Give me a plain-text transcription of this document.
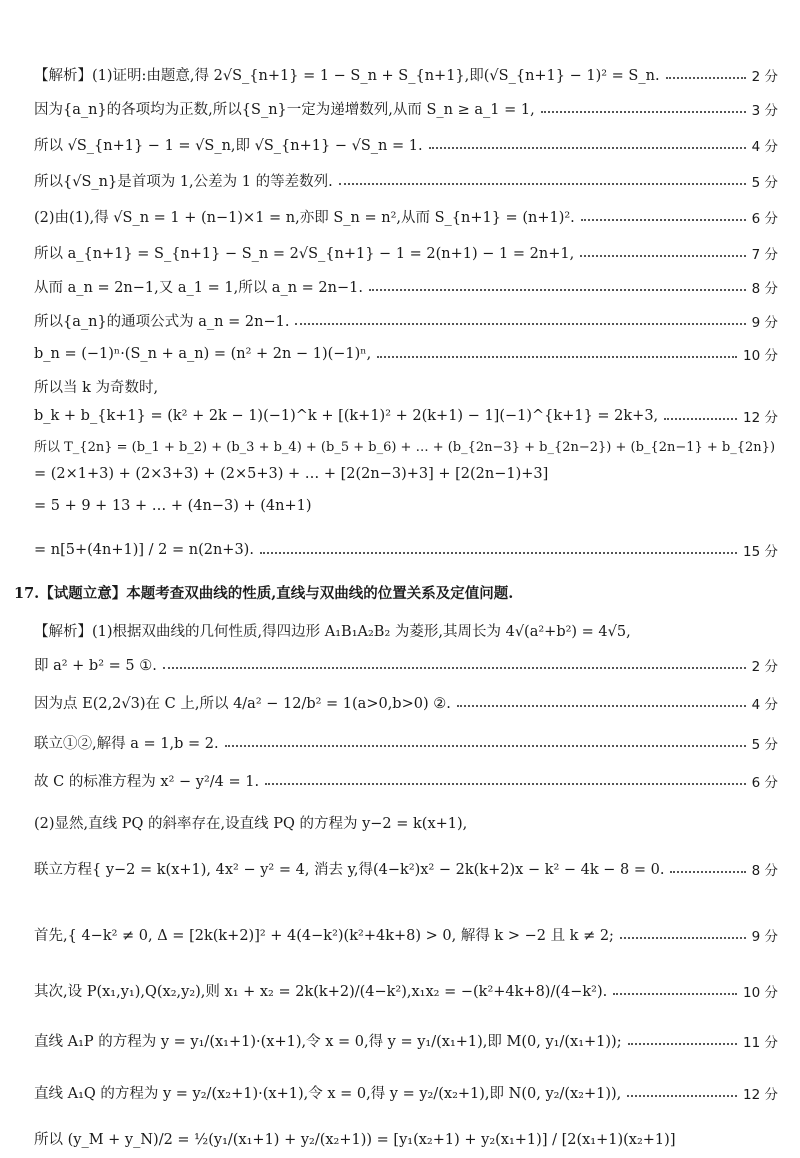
【解析】(1)证明:由题意,得 2√S_{n+1} = 1 − S_n + S_{n+1},即(√S_{n+1} − 1)² = S_n.	2 分
因为{a_n}的各项均为正数,所以{S_n}一定为递增数列,从而 S_n ≥ a_1 = 1,	3 分
所以 √S_{n+1} − 1 = √S_n,即 √S_{n+1} − √S_n = 1.	4 分
所以{√S_n}是首项为 1,公差为 1 的等差数列.	5 分
(2)由(1),得 √S_n = 1 + (n−1)×1 = n,亦即 S_n = n²,从而 S_{n+1} = (n+1)².	6 分
所以 a_{n+1} = S_{n+1} − S_n = 2√S_{n+1} − 1 = 2(n+1) − 1 = 2n+1,	7 分
从而 a_n = 2n−1,又 a_1 = 1,所以 a_n = 2n−1.	8 分
所以{a_n}的通项公式为 a_n = 2n−1.	9 分
b_n = (−1)ⁿ·(S_n + a_n) = (n² + 2n − 1)(−1)ⁿ,	10 分
所以当 k 为奇数时,
b_k + b_{k+1} = (k² + 2k − 1)(−1)^k + [(k+1)² + 2(k+1) − 1](−1)^{k+1} = 2k+3,	12 分
所以 T_{2n} = (b_1 + b_2) + (b_3 + b_4) + (b_5 + b_6) + … + (b_{2n−3} + b_{2n−2}) + (b_{2n−1} + b_{2n})
= (2×1+3) + (2×3+3) + (2×5+3) + … + [2(2n−3)+3] + [2(2n−1)+3]
= 5 + 9 + 13 + … + (4n−3) + (4n+1)
= n[5+(4n+1)] / 2 = n(2n+3).	15 分
17.【试题立意】本题考查双曲线的性质,直线与双曲线的位置关系及定值问题.
【解析】(1)根据双曲线的几何性质,得四边形 A₁B₁A₂B₂ 为菱形,其周长为 4√(a²+b²) = 4√5,
即 a² + b² = 5 ①.	2 分
因为点 E(2,2√3)在 C 上,所以 4/a² − 12/b² = 1(a>0,b>0) ②.	4 分
联立①②,解得 a = 1,b = 2.	5 分
故 C 的标准方程为 x² − y²/4 = 1.	6 分
(2)显然,直线 PQ 的斜率存在,设直线 PQ 的方程为 y−2 = k(x+1),
联立方程{ y−2 = k(x+1), 4x² − y² = 4, 消去 y,得(4−k²)x² − 2k(k+2)x − k² − 4k − 8 = 0.	8 分
首先,{ 4−k² ≠ 0, Δ = [2k(k+2)]² + 4(4−k²)(k²+4k+8) > 0, 解得 k > −2 且 k ≠ 2;	9 分
其次,设 P(x₁,y₁),Q(x₂,y₂),则 x₁ + x₂ = 2k(k+2)/(4−k²),x₁x₂ = −(k²+4k+8)/(4−k²).	10 分
直线 A₁P 的方程为 y = y₁/(x₁+1)·(x+1),令 x = 0,得 y = y₁/(x₁+1),即 M(0, y₁/(x₁+1));	11 分
直线 A₁Q 的方程为 y = y₂/(x₂+1)·(x+1),令 x = 0,得 y = y₂/(x₂+1),即 N(0, y₂/(x₂+1)),	12 分
所以 (y_M + y_N)/2 = ½(y₁/(x₁+1) + y₂/(x₂+1)) = [y₁(x₂+1) + y₂(x₁+1)] / [2(x₁+1)(x₂+1)]
